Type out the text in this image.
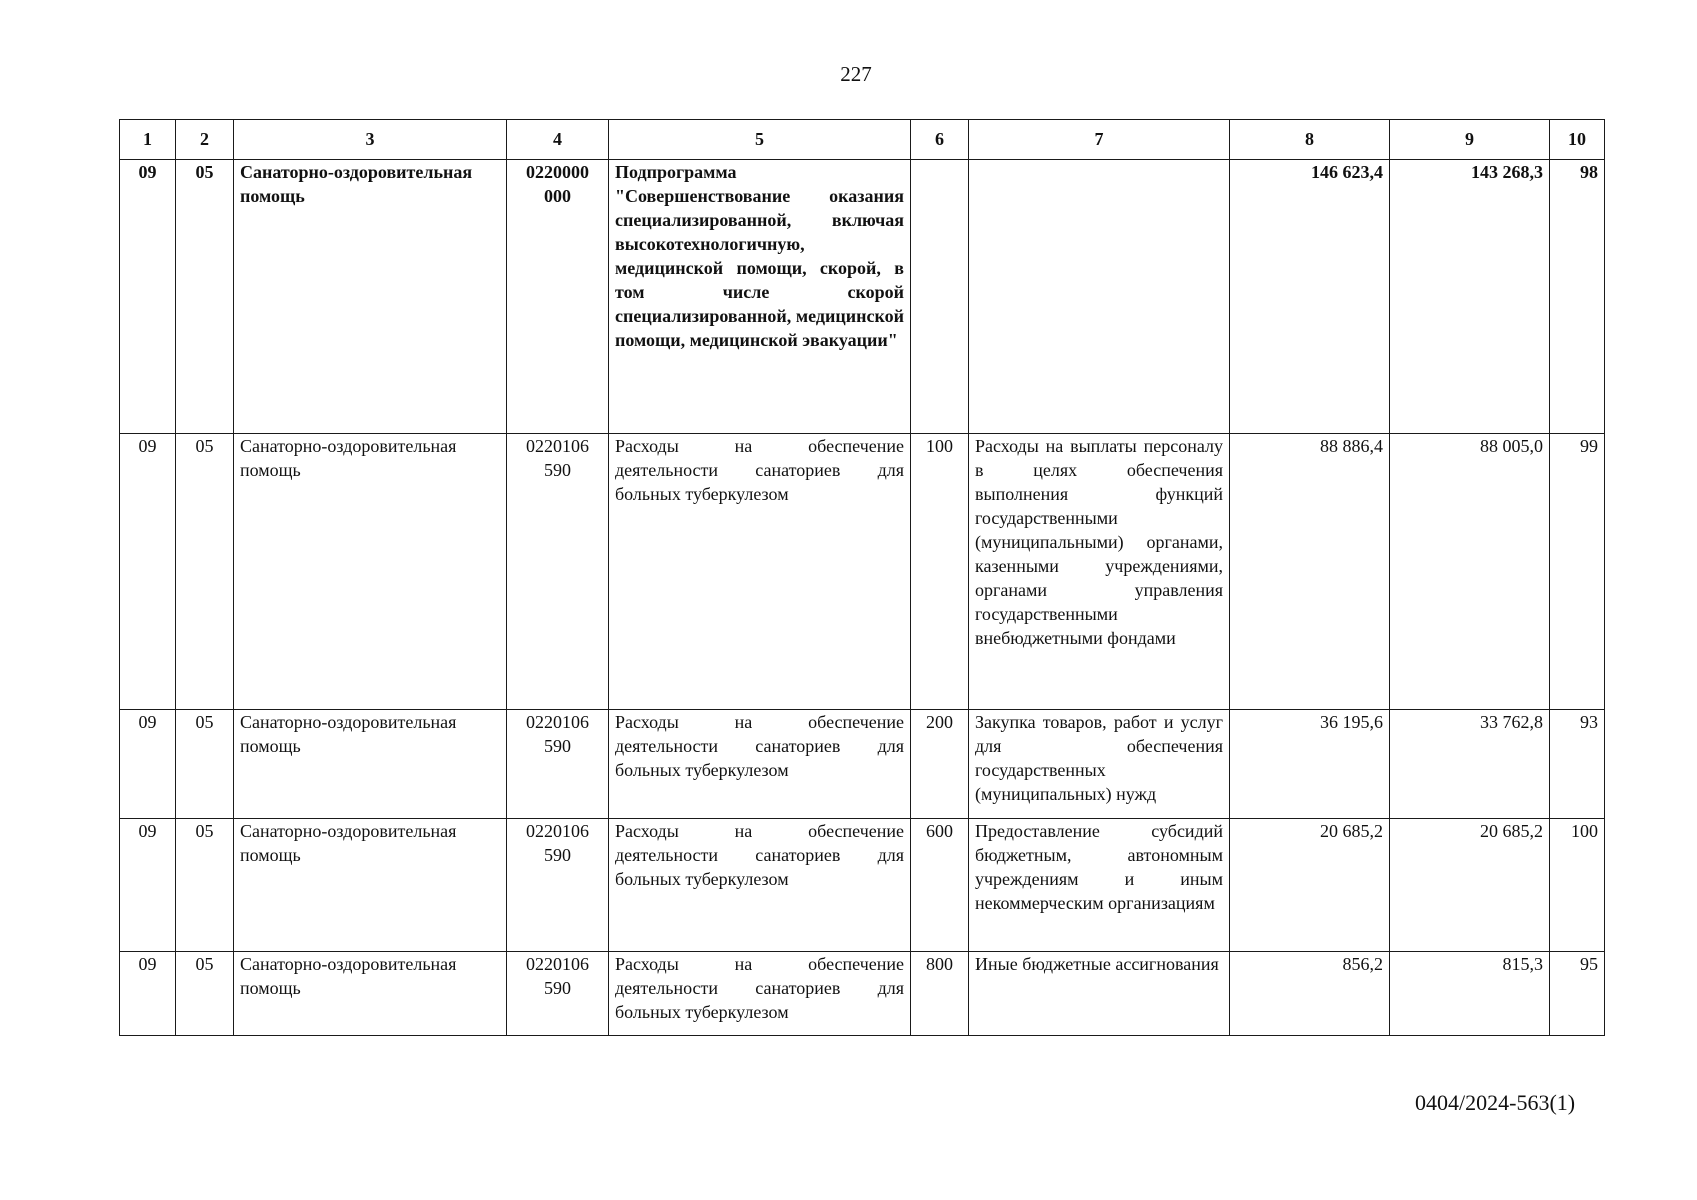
227
1	2	3	4	5	6	7	8	9	10
09	05	Санаторно-оздоровительная помощь	0220000 000	Подпрограмма "Совершенствование оказания специализированной, включая высокотехнологичную, медицинской помощи, скорой, в том числе скорой специализированной, медицинской помощи, медицинской эвакуации"			146 623,4	143 268,3	98
09	05	Санаторно-оздоровительная помощь	0220106 590	Расходы на обеспечение деятельности санаториев для больных туберкулезом	100	Расходы на выплаты персоналу в целях обеспечения выполнения функций государственными (муниципальными) органами, казенными учреждениями, органами управления государственными внебюджетными фондами	88 886,4	88 005,0	99
09	05	Санаторно-оздоровительная помощь	0220106 590	Расходы на обеспечение деятельности санаториев для больных туберкулезом	200	Закупка товаров, работ и услуг для обеспечения государственных (муниципальных) нужд	36 195,6	33 762,8	93
09	05	Санаторно-оздоровительная помощь	0220106 590	Расходы на обеспечение деятельности санаториев для больных туберкулезом	600	Предоставление субсидий бюджетным, автономным учреждениям и иным некоммерческим организациям	20 685,2	20 685,2	100
09	05	Санаторно-оздоровительная помощь	0220106 590	Расходы на обеспечение деятельности санаториев для больных туберкулезом	800	Иные бюджетные ассигнования	856,2	815,3	95
0404/2024-563(1)
